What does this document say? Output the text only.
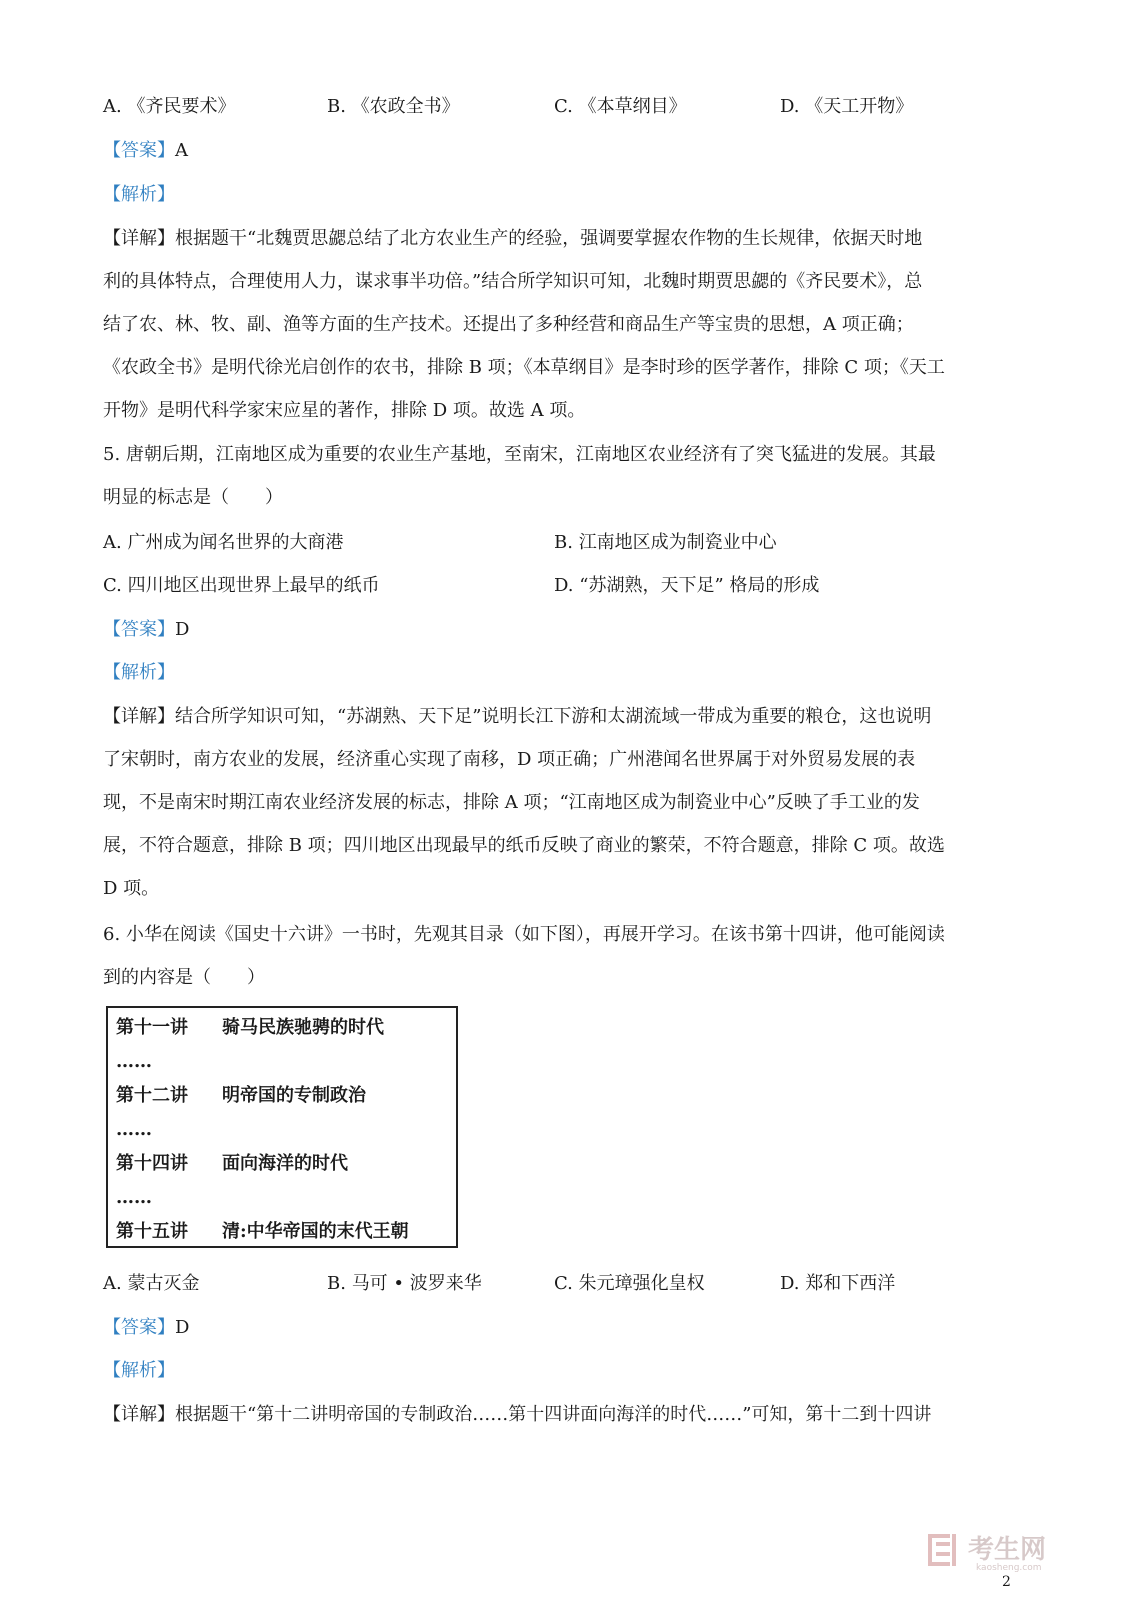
A. 《齐民要术》	B. 《农政全书》	C. 《本草纲目》	D. 《天工开物》
【答案】A
【解析】
【详解】根据题干“北魏贾思勰总结了北方农业生产的经验，强调要掌握农作物的生长规律，依据天时地
利的具体特点，合理使用人力，谋求事半功倍。”结合所学知识可知，北魏时期贾思勰的《齐民要术》，总
结了农、林、牧、副、渔等方面的生产技术。还提出了多种经营和商品生产等宝贵的思想，A 项正确；
《农政全书》是明代徐光启创作的农书，排除 B 项；《本草纲目》是李时珍的医学著作，排除 C 项；《天工
开物》是明代科学家宋应星的著作，排除 D 项。故选 A 项。
5. 唐朝后期，江南地区成为重要的农业生产基地，至南宋，江南地区农业经济有了突飞猛进的发展。其最
明显的标志是（　　）
A. 广州成为闻名世界的大商港	B. 江南地区成为制瓷业中心
C. 四川地区出现世界上最早的纸币	D. “苏湖熟，天下足” 格局的形成
【答案】D
【解析】
【详解】结合所学知识可知，“苏湖熟、天下足”说明长江下游和太湖流域一带成为重要的粮仓，这也说明
了宋朝时，南方农业的发展，经济重心实现了南移，D 项正确；广州港闻名世界属于对外贸易发展的表
现，不是南宋时期江南农业经济发展的标志，排除 A 项；“江南地区成为制瓷业中心”反映了手工业的发
展，不符合题意，排除 B 项；四川地区出现最早的纸币反映了商业的繁荣，不符合题意，排除 C 项。故选
D 项。
6. 小华在阅读《国史十六讲》一书时，先观其目录（如下图），再展开学习。在该书第十四讲，他可能阅读
到的内容是（　　）
第十一讲 骑马民族驰骋的时代
……
第十二讲 明帝国的专制政治
……
第十四讲 面向海洋的时代
……
第十五讲 清:中华帝国的末代王朝
A. 蒙古灭金	B. 马可 • 波罗来华	C. 朱元璋强化皇权	D. 郑和下西洋
【答案】D
【解析】
【详解】根据题干“第十二讲明帝国的专制政治……第十四讲面向海洋的时代……”可知，第十二到十四讲
考生网
kaosheng.com
2
